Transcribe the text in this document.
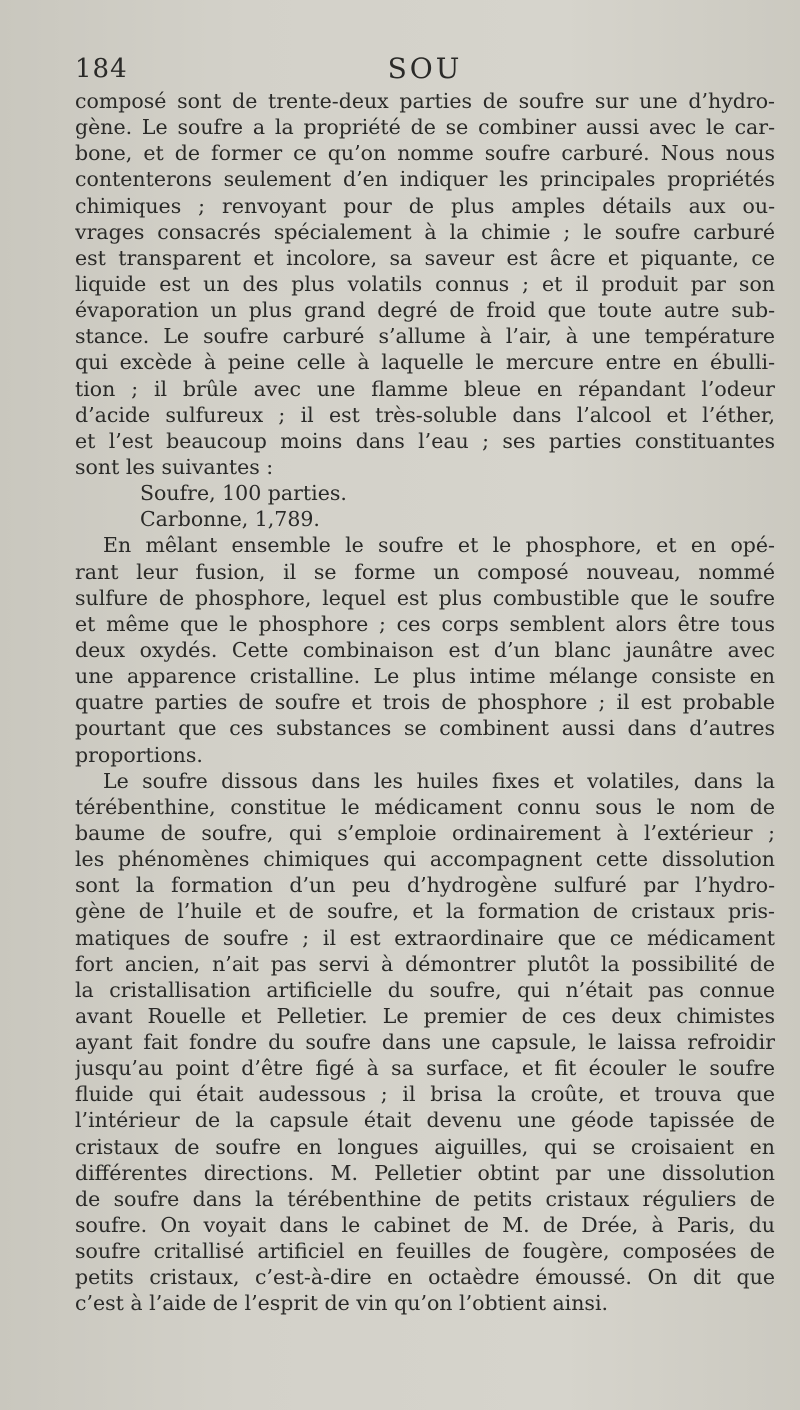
184	SOU
composé sont de trente-deux parties de soufre sur une d’hydro-
gène. Le soufre a la propriété de se combiner aussi avec le car-
bone, et de former ce qu’on nomme soufre carburé. Nous nous
contenterons seulement d’en indiquer les principales propriétés
chimiques ; renvoyant pour de plus amples détails aux ou-
vrages consacrés spécialement à la chimie ; le soufre carburé
est transparent et incolore, sa saveur est âcre et piquante, ce
liquide est un des plus volatils connus ; et il produit par son
évaporation un plus grand degré de froid que toute autre sub-
stance. Le soufre carburé s’allume à l’air, à une température
qui excède à peine celle à laquelle le mercure entre en ébulli-
tion ; il brûle avec une flamme bleue en répandant l’odeur
d’acide sulfureux ; il est très-soluble dans l’alcool et l’éther,
et l’est beaucoup moins dans l’eau ; ses parties constituantes
sont les suivantes :
Soufre, 100 parties.
Carbonne, 1,789.
En mêlant ensemble le soufre et le phosphore, et en opé-
rant leur fusion, il se forme un composé nouveau, nommé
sulfure de phosphore, lequel est plus combustible que le soufre
et même que le phosphore ; ces corps semblent alors être tous
deux oxydés. Cette combinaison est d’un blanc jaunâtre avec
une apparence cristalline. Le plus intime mélange consiste en
quatre parties de soufre et trois de phosphore ; il est probable
pourtant que ces substances se combinent aussi dans d’autres
proportions.
Le soufre dissous dans les huiles fixes et volatiles, dans la
térébenthine, constitue le médicament connu sous le nom de
baume de soufre, qui s’emploie ordinairement à l’extérieur ;
les phénomènes chimiques qui accompagnent cette dissolution
sont la formation d’un peu d’hydrogène sulfuré par l’hydro-
gène de l’huile et de soufre, et la formation de cristaux pris-
matiques de soufre ; il est extraordinaire que ce médicament
fort ancien, n’ait pas servi à démontrer plutôt la possibilité de
la cristallisation artificielle du soufre, qui n’était pas connue
avant Rouelle et Pelletier. Le premier de ces deux chimistes
ayant fait fondre du soufre dans une capsule, le laissa refroidir
jusqu’au point d’être figé à sa surface, et fit écouler le soufre
fluide qui était audessous ; il brisa la croûte, et trouva que
l’intérieur de la capsule était devenu une géode tapissée de
cristaux de soufre en longues aiguilles, qui se croisaient en
différentes directions. M. Pelletier obtint par une dissolution
de soufre dans la térébenthine de petits cristaux réguliers de
soufre. On voyait dans le cabinet de M. de Drée, à Paris, du
soufre critallisé artificiel en feuilles de fougère, composées de
petits cristaux, c’est-à-dire en octaèdre émoussé. On dit que
c’est à l’aide de l’esprit de vin qu’on l’obtient ainsi.
